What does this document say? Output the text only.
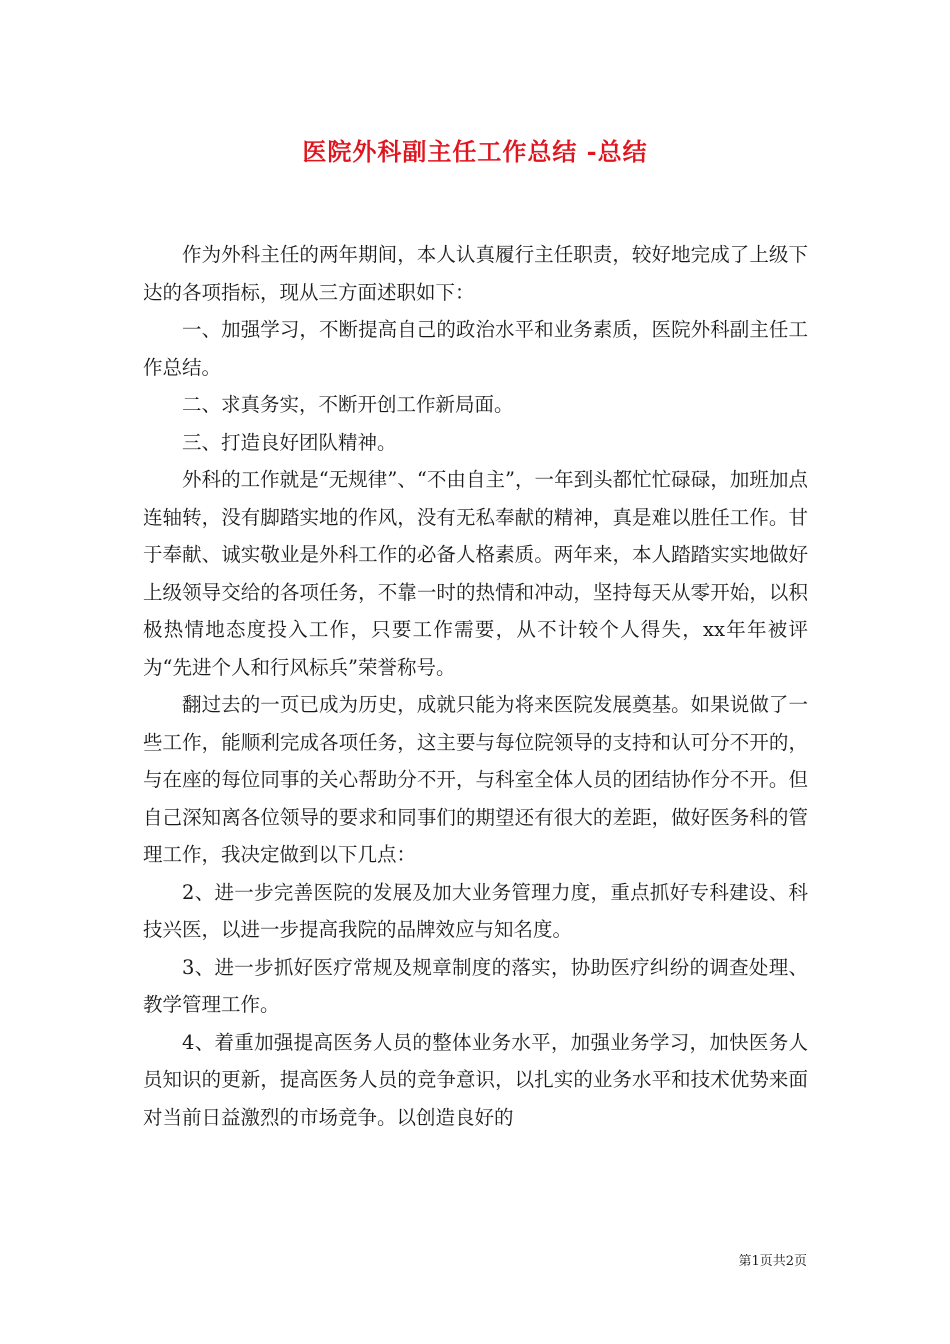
医院外科副主任工作总结 -总结

作为外科主任的两年期间，本人认真履行主任职责，较好地完成了上级下达的各项指标，现从三方面述职如下：

一、加强学习，不断提高自己的政治水平和业务素质，医院外科副主任工作总结。

二、求真务实，不断开创工作新局面。

三、打造良好团队精神。

外科的工作就是“无规律”、“不由自主”，一年到头都忙忙碌碌，加班加点连轴转，没有脚踏实地的作风，没有无私奉献的精神，真是难以胜任工作。甘于奉献、诚实敬业是外科工作的必备人格素质。两年来，本人踏踏实实地做好上级领导交给的各项任务，不靠一时的热情和冲动，坚持每天从零开始，以积极热情地态度投入工作，只要工作需要，从不计较个人得失，xx年年被评为“先进个人和行风标兵”荣誉称号。

翻过去的一页已成为历史，成就只能为将来医院发展奠基。如果说做了一些工作，能顺利完成各项任务，这主要与每位院领导的支持和认可分不开的，与在座的每位同事的关心帮助分不开，与科室全体人员的团结协作分不开。但自己深知离各位领导的要求和同事们的期望还有很大的差距，做好医务科的管理工作，我决定做到以下几点：

2、进一步完善医院的发展及加大业务管理力度，重点抓好专科建设、科技兴医，以进一步提高我院的品牌效应与知名度。

3、进一步抓好医疗常规及规章制度的落实，协助医疗纠纷的调查处理、教学管理工作。

4、着重加强提高医务人员的整体业务水平，加强业务学习，加快医务人员知识的更新，提高医务人员的竞争意识，以扎实的业务水平和技术优势来面对当前日益激烈的市场竞争。以创造良好的

第1页共2页
